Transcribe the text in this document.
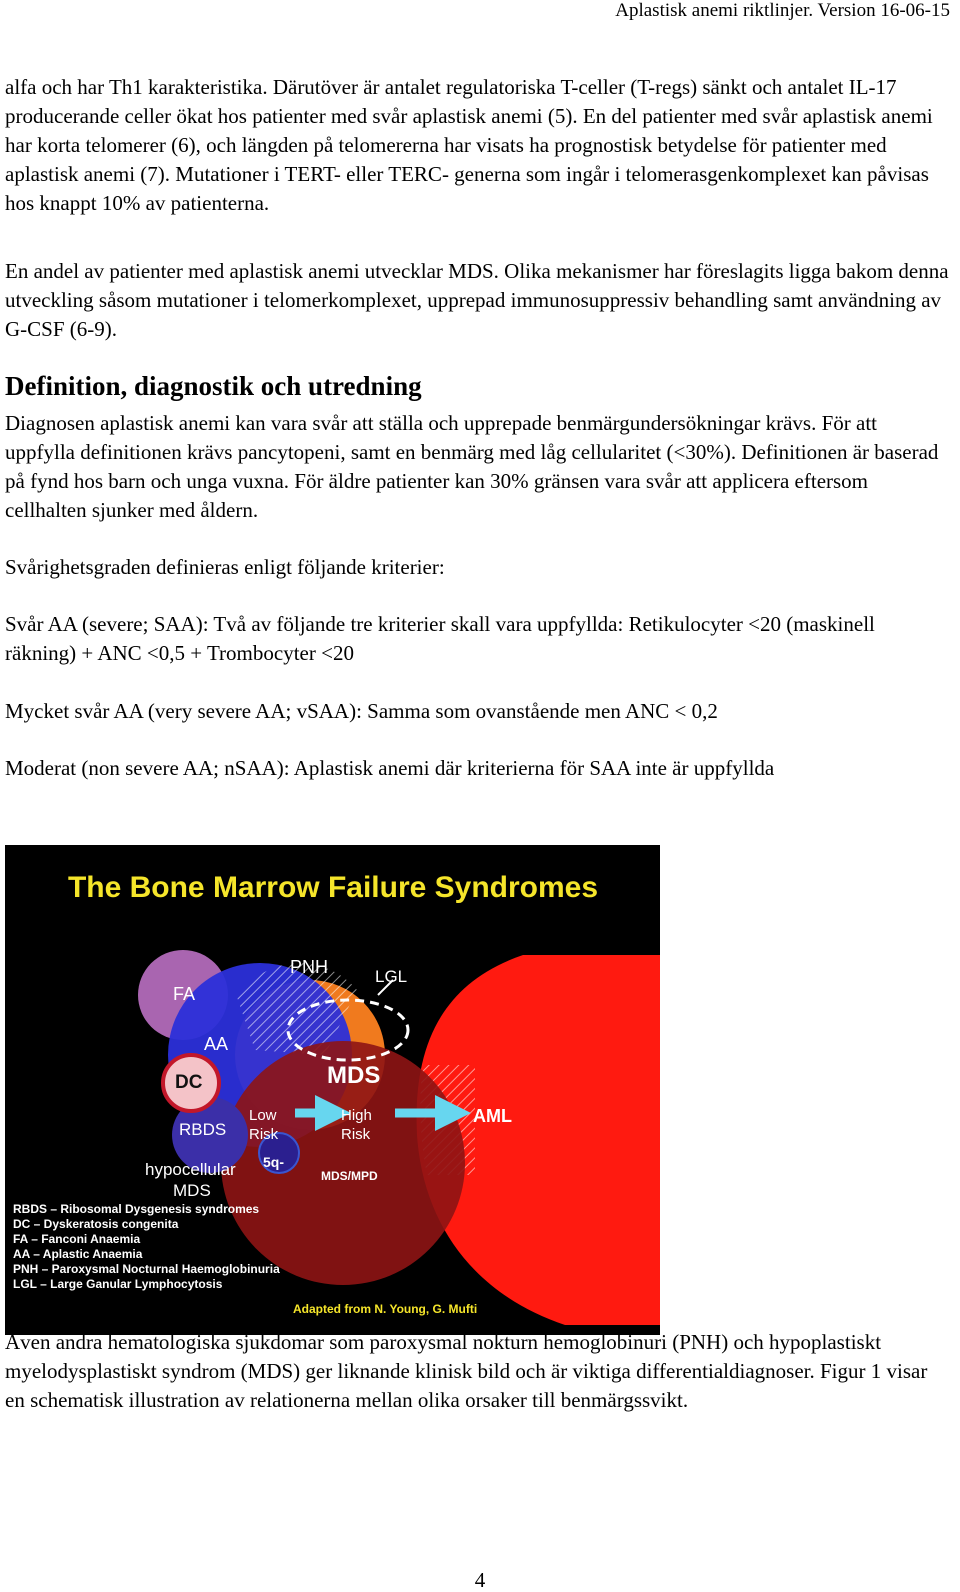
Aplastisk anemi riktlinjer. Version 16-06-15

alfa och har Th1 karakteristika. Därutöver är antalet regulatoriska T-celler (T-regs) sänkt och antalet IL-17 producerande celler ökat hos patienter med svår aplastisk anemi (5). En del patienter med svår aplastisk anemi har korta telomerer (6), och längden på telomererna har visats ha prognostisk betydelse för patienter med aplastisk anemi (7). Mutationer i TERT- eller TERC- generna som ingår i telomerasgenkomplexet kan påvisas hos knappt 10% av patienterna.

En andel av patienter med aplastisk anemi utvecklar MDS. Olika mekanismer har föreslagits ligga bakom denna utveckling såsom mutationer i telomerkomplexet, upprepad immunosuppressiv behandling samt användning av G-CSF (6-9).

Definition, diagnostik och utredning

Diagnosen aplastisk anemi kan vara svår att ställa och upprepade benmärgundersökningar krävs. För att uppfylla definitionen krävs pancytopeni, samt en benmärg med låg cellularitet (<30%). Definitionen är baserad på fynd hos barn och unga vuxna. För äldre patienter kan 30% gränsen vara svår att applicera eftersom cellhalten sjunker med åldern.

Svårighetsgraden definieras enligt följande kriterier:

Svår AA (severe; SAA): Två av följande tre kriterier skall vara uppfyllda: Retikulocyter <20 (maskinell räkning) + ANC <0,5 + Trombocyter <20

Mycket svår AA (very severe AA; vSAA): Samma som ovanstående men ANC < 0,2

Moderat (non severe AA; nSAA): Aplastisk anemi där kriterierna för SAA inte är uppfyllda

The Bone Marrow Failure Syndromes
FA
PNH	LGL
AA
DC	MDS
RBDS
Low
Risk
High
Risk
AML
5q-
MDS/MPD
hypocellular
MDS
RBDS – Ribosomal Dysgenesis syndromes
DC – Dyskeratosis congenita
FA – Fanconi Anaemia
AA – Aplastic Anaemia
PNH – Paroxysmal Nocturnal Haemoglobinuria
LGL – Large Ganular Lymphocytosis
Adapted from N. Young, G. Mufti

Även andra hematologiska sjukdomar som paroxysmal nokturn hemoglobinuri (PNH) och hypoplastiskt myelodysplastiskt syndrom (MDS) ger liknande klinisk bild och är viktiga differentialdiagnoser. Figur 1 visar en schematisk illustration av relationerna mellan olika orsaker till benmärgssvikt.

4
